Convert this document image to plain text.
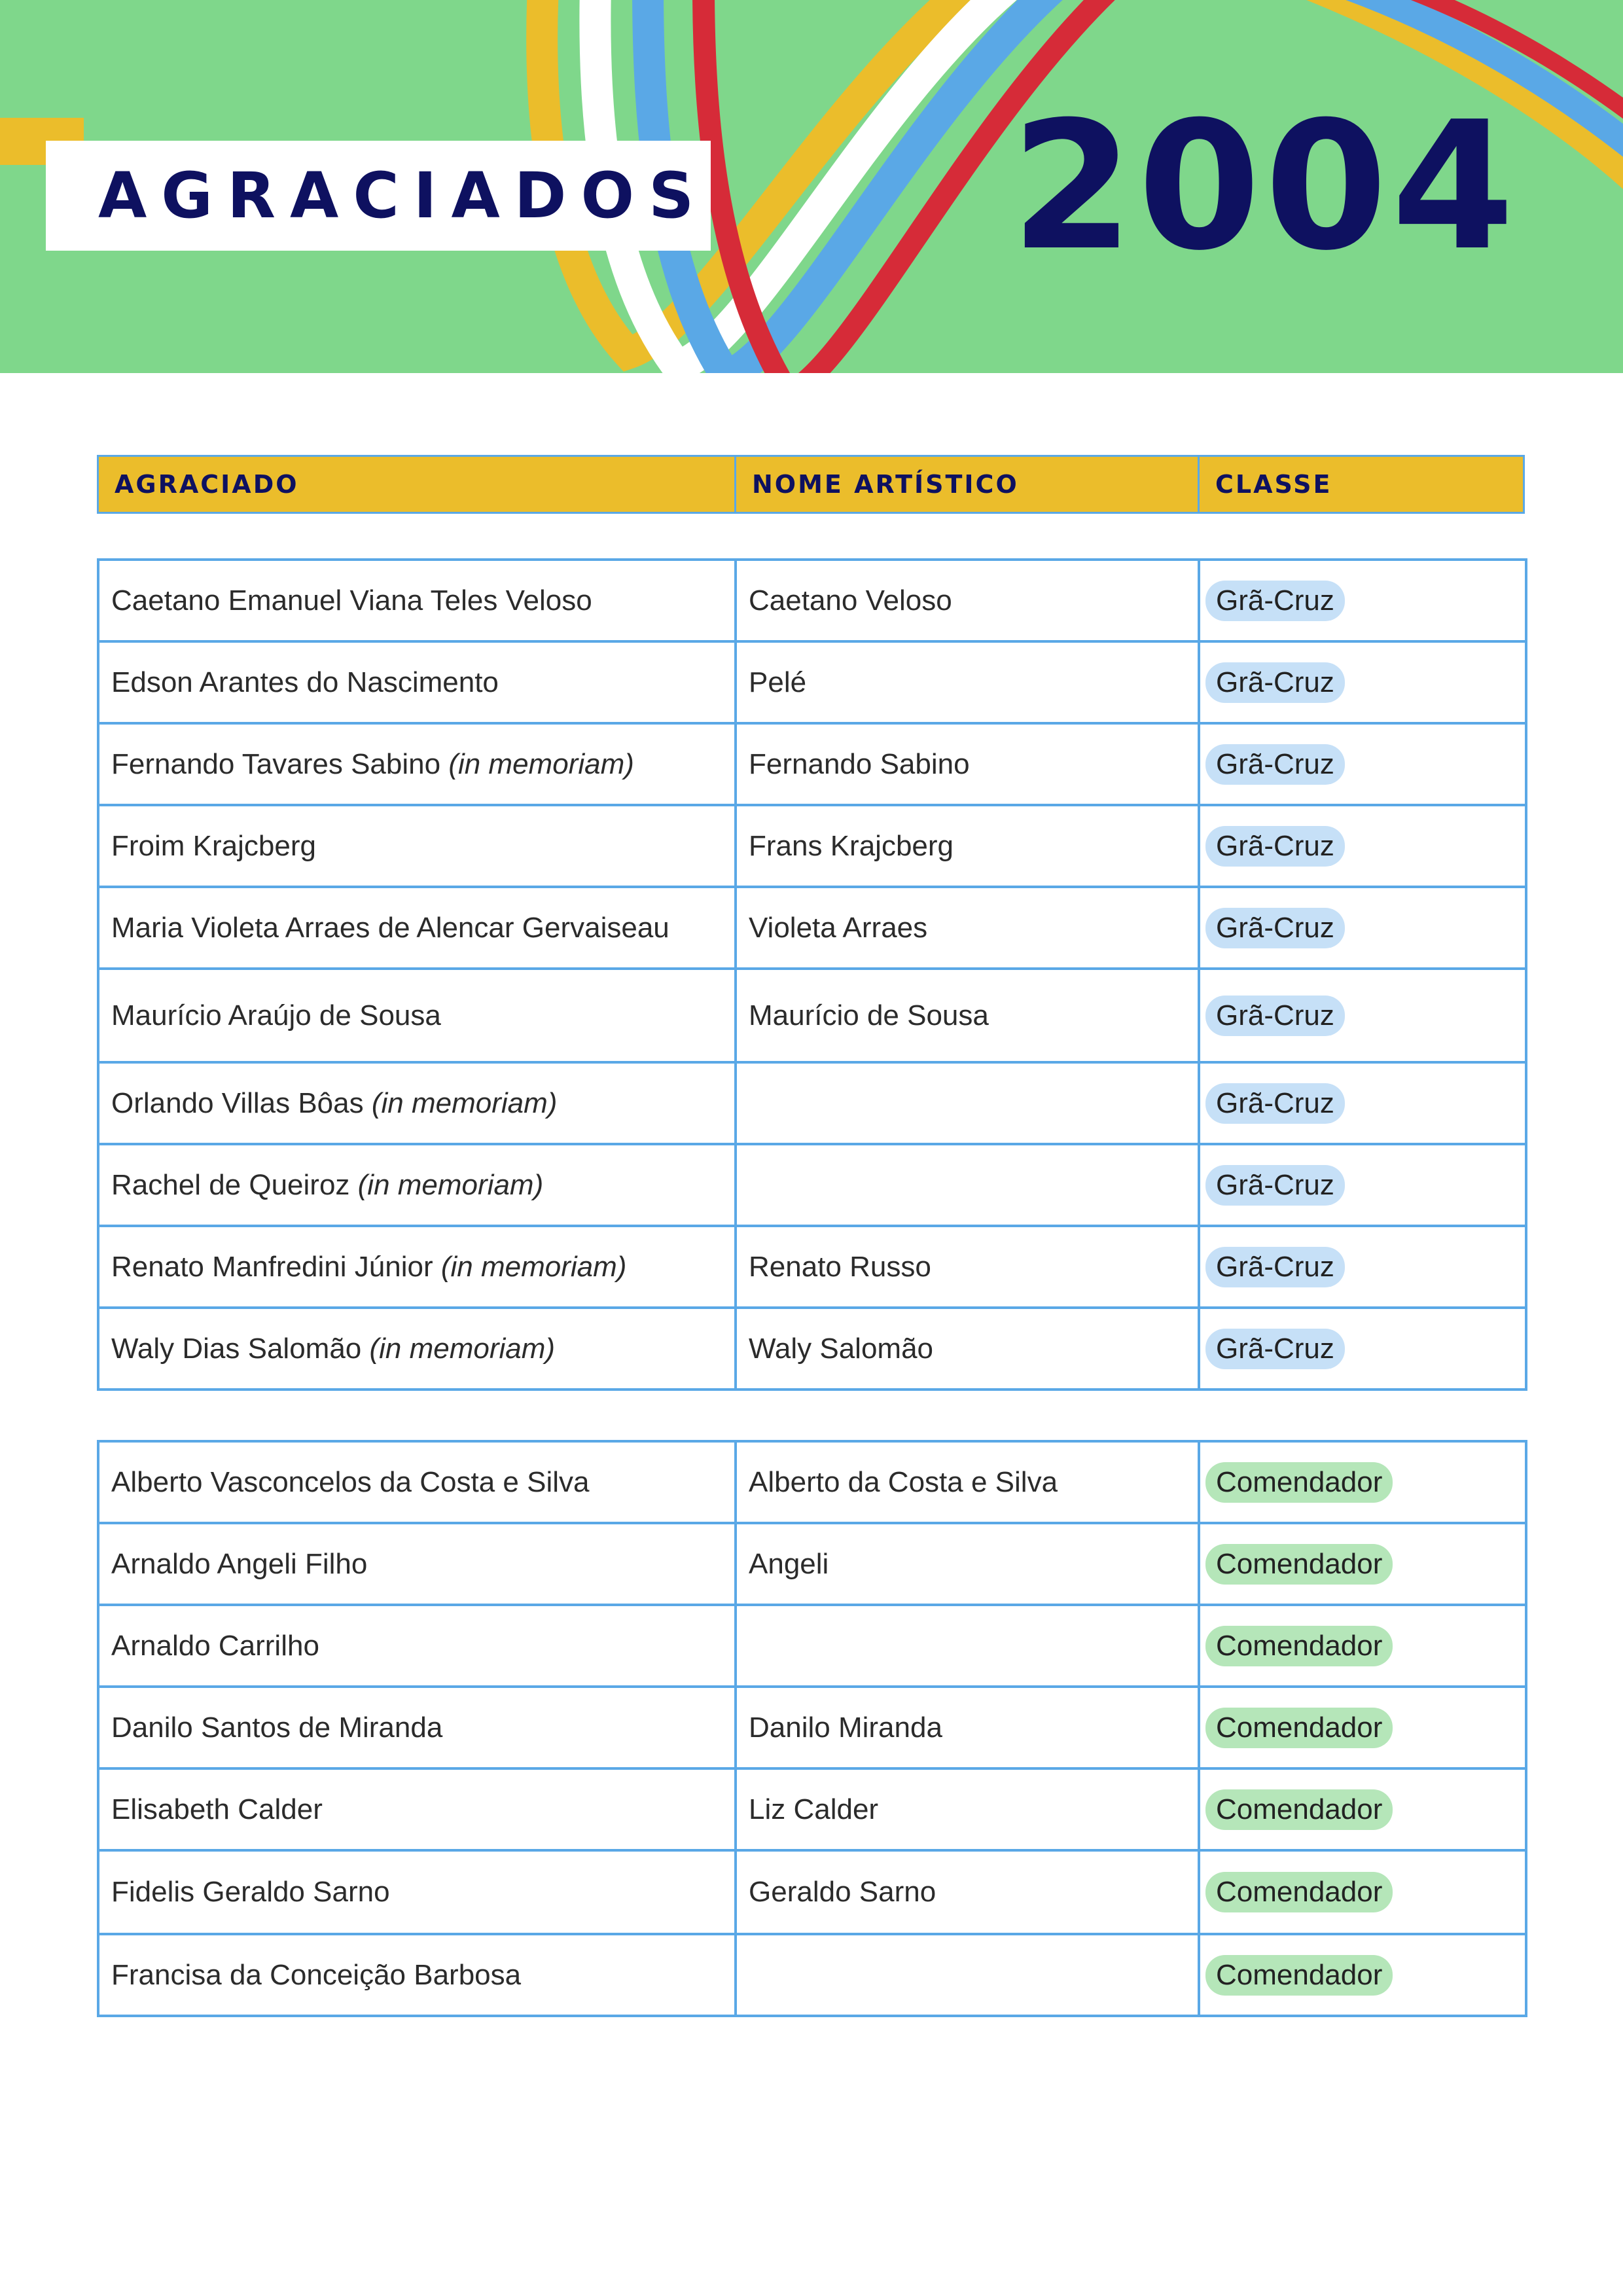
AGRACIADOS 2004
AGRACIADO	NOME ARTÍSTICO	CLASSE
Caetano Emanuel Viana Teles Veloso	Caetano Veloso	Grã-Cruz
Edson Arantes do Nascimento	Pelé	Grã-Cruz
Fernando Tavares Sabino (in memoriam)	Fernando Sabino	Grã-Cruz
Froim Krajcberg	Frans Krajcberg	Grã-Cruz
Maria Violeta Arraes de Alencar Gervaiseau	Violeta Arraes	Grã-Cruz
Maurício Araújo de Sousa	Maurício de Sousa	Grã-Cruz
Orlando Villas Bôas (in memoriam)		Grã-Cruz
Rachel de Queiroz (in memoriam)		Grã-Cruz
Renato Manfredini Júnior (in memoriam)	Renato Russo	Grã-Cruz
Waly Dias Salomão (in memoriam)	Waly Salomão	Grã-Cruz
Alberto Vasconcelos da Costa e Silva	Alberto da Costa e Silva	Comendador
Arnaldo Angeli Filho	Angeli	Comendador
Arnaldo Carrilho		Comendador
Danilo Santos de Miranda	Danilo Miranda	Comendador
Elisabeth Calder	Liz Calder	Comendador
Fidelis Geraldo Sarno	Geraldo Sarno	Comendador
Francisa da Conceição Barbosa		Comendador
